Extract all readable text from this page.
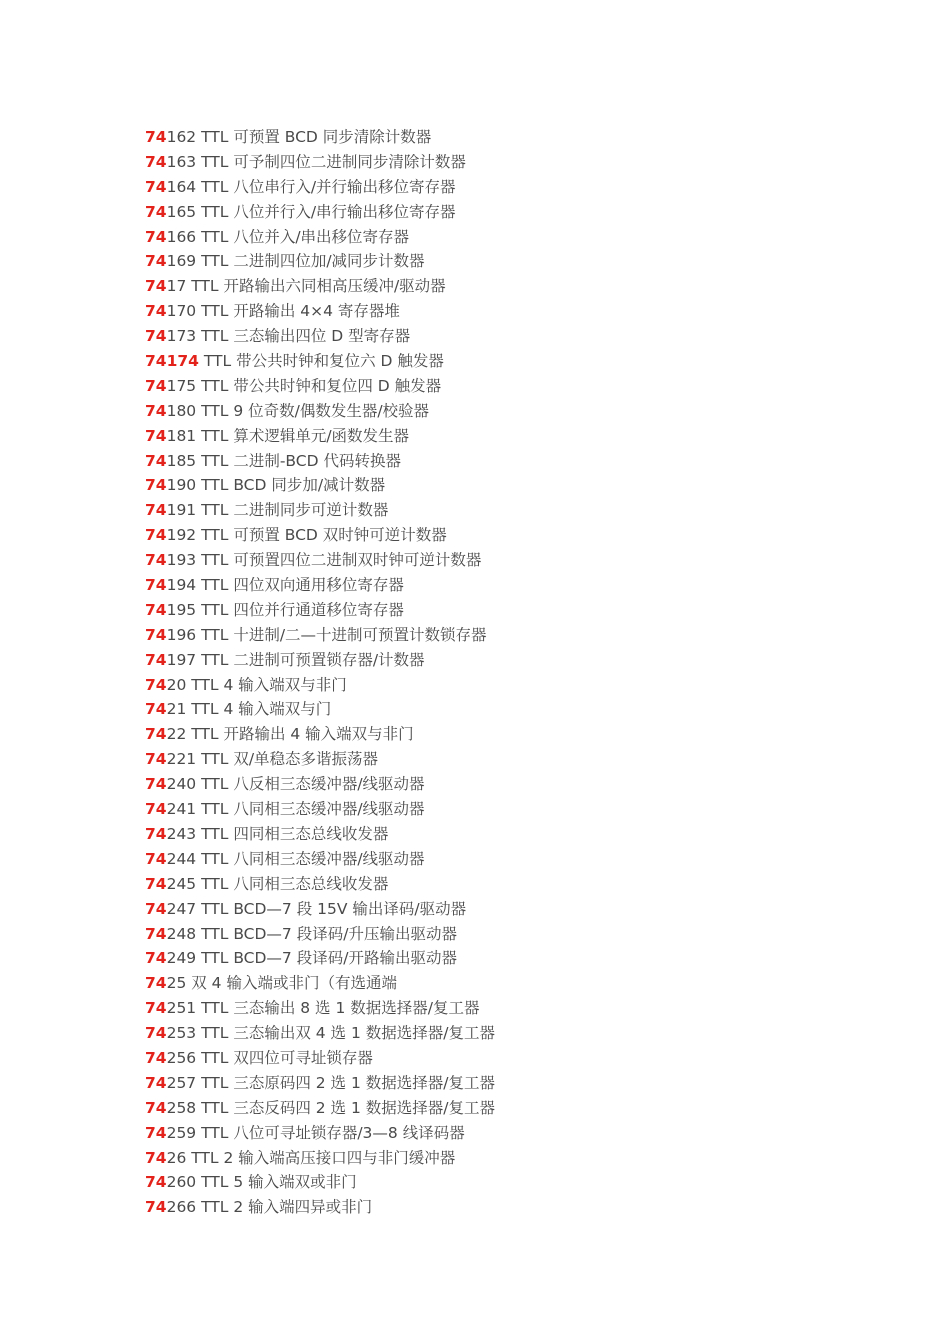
74162 TTL 可预置 BCD 同步清除计数器
74163 TTL 可予制四位二进制同步清除计数器
74164 TTL 八位串行入/并行输出移位寄存器
74165 TTL 八位并行入/串行输出移位寄存器
74166 TTL 八位并入/串出移位寄存器
74169 TTL 二进制四位加/减同步计数器
7417 TTL 开路输出六同相高压缓冲/驱动器
74170 TTL 开路输出 4×4 寄存器堆
74173 TTL 三态输出四位 D 型寄存器
74174 TTL 带公共时钟和复位六 D 触发器
74175 TTL 带公共时钟和复位四 D 触发器
74180 TTL 9 位奇数/偶数发生器/校验器
74181 TTL 算术逻辑单元/函数发生器
74185 TTL 二进制-BCD 代码转换器
74190 TTL BCD 同步加/减计数器
74191 TTL 二进制同步可逆计数器
74192 TTL 可预置 BCD 双时钟可逆计数器
74193 TTL 可预置四位二进制双时钟可逆计数器
74194 TTL 四位双向通用移位寄存器
74195 TTL 四位并行通道移位寄存器
74196 TTL 十进制/二—十进制可预置计数锁存器
74197 TTL 二进制可预置锁存器/计数器
7420 TTL 4 输入端双与非门
7421 TTL 4 输入端双与门
7422 TTL 开路输出 4 输入端双与非门
74221 TTL 双/单稳态多谐振荡器
74240 TTL 八反相三态缓冲器/线驱动器
74241 TTL 八同相三态缓冲器/线驱动器
74243 TTL 四同相三态总线收发器
74244 TTL 八同相三态缓冲器/线驱动器
74245 TTL 八同相三态总线收发器
74247 TTL BCD—7 段 15V 输出译码/驱动器
74248 TTL BCD—7 段译码/升压输出驱动器
74249 TTL BCD—7 段译码/开路输出驱动器
7425 双 4 输入端或非门（有选通端
74251 TTL 三态输出 8 选 1 数据选择器/复工器
74253 TTL 三态输出双 4 选 1 数据选择器/复工器
74256 TTL 双四位可寻址锁存器
74257 TTL 三态原码四 2 选 1 数据选择器/复工器
74258 TTL 三态反码四 2 选 1 数据选择器/复工器
74259 TTL 八位可寻址锁存器/3—8 线译码器
7426 TTL 2 输入端高压接口四与非门缓冲器
74260 TTL 5 输入端双或非门
74266 TTL 2 输入端四异或非门
